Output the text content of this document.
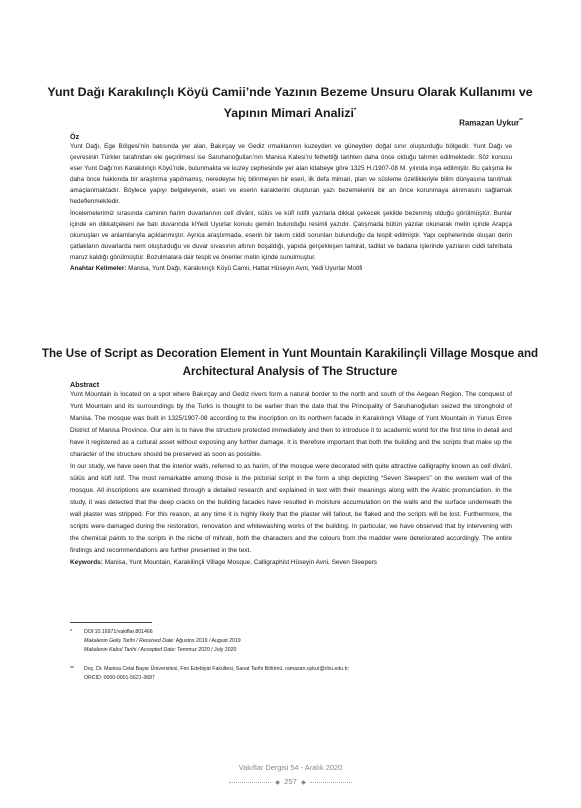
Yunt Dağı Karakılınçlı Köyü Camii’nde Yazının Bezeme Unsuru Olarak Kullanımı ve Yapının Mimari Analizi*
Ramazan Uykur**
Öz

Yunt Dağı, Ege Bölgesi’nin batısında yer alan, Bakırçay ve Gediz ırmaklarının kuzeyden ve güneyden doğal sınır oluşturduğu bölgedir. Yunt Dağı ve çevresinin Türkler tarafından ele geçirilmesi ise Saruhanoğulları’nın Manisa Kalesi’ni fethettiği tarihten daha önce olduğu tahmin edilmektedir. Söz konusu eser Yunt Dağı’nın Karakılınçlı Köyü’nde, bulunmakta ve kuzey cephesinde yer alan kitabeye göre 1325 H./1907-08 M. yılında inşa edilmiştir. Bu çalışma ile daha önce hakkında bir araştırma yapılmamış, neredeyse hiç bilinmeyen bir eseri, ilk defa mimari, plan ve süsleme özellikleriyle bilim dünyasına tanıtmak amaçlanmaktadır. Böylece yapıyı belgeleyerek, eseri ve eserin karakterini oluşturan yazı bezemelerini bir an önce korunmaya alınmasını sağlamak hedeflenmektedir.

İncelemelerimiz sırasında caminin harim duvarlarının celî dîvânî, sülüs ve küfî istifli yazılarla dikkat çekecek şekilde bezenmiş olduğu görülmüştür. Bunlar içinde en dikkatçekeni ise batı duvarında kiYedi Uyurlar konulu gemiin bulunduğu resimli yazıdır. Çalışmada bütün yazılar okunarak metin içinde Arapça okunuşları ve anlamlarıyla açıklanmıştır. Ayrıca araştırmada, eserin bir takım ciddi sorunları bulunduğu da tespit edilmiştir. Yapı cephelerinde oluşan derin çatlakların duvarlarda nem oluşturduğu ve duvar sıvasının altının boşaldığı, yapıda gerçekleşen tamirat, tadilat ve badana işlerinde yazıların ciddi tahribata maruz kaldığı görülmüştür. Bozulmalara dair tespit ve öneriler metin içinde sunulmuştur.

Anahtar Kelimeler: Manisa, Yunt Dağı, Karakılınçlı Köyü Camii, Hattat Hüseyin Avni, Yedi Uyurlar Motifi

The Use of Script as Decoration Element in Yunt Mountain Karakilinçli Village Mosque and Architectural Analysis of The Structure
Abstract

Yunt Mountain is located on a spot where Bakırçay and Gediz rivers form a natural border to the north and south of the Aegean Region. The conquest of Yunt Mountain and its surroundings by the Turks is thought to be earlier than the date that the Principality of Saruhanoğulları seized the stronghold of Manisa. The mosque was built in 1325/1907-08 according to the inscription on its northern facade in Karakılınçlı Village of Yunt Mountain in Yunus Emre District of Manisa Province. Our aim is to have the structure protected immediately and then to introduce it to academic world for the first time in detail and have it registered as a cultural asset without exposing any further damage. It is therefore important that both the building and the scripts that make up the character of the structure should be preserved as soon as possible.

In our study, we have seen that the interior walls, referred to as harim, of the mosque were decorated with quite attractive calligraphy known as celî dîvânî, sülüs and küfî istif. The most remarkable among those is the pictorial script in the form a ship depicting “Seven Sleepers” on the western wall of the mosque. All inscriptions are examined through a detailed research and explained in text with their meanings along with the Arabic pronunciation. In the study, it was detected that the deep cracks on the building facades have resulted in moisture accumulation on the walls and the surface underneath the wall plaster was stripped. For this reason, at any time it is highly likely that the plaster will fallout, be flaked and the scripts will be lost. Furthermore, the scripts were damaged during the restoration, renovation and whitewashing works of the building. In particular, we have observed that by intervening with the chemical paints to the scripts in the niche of mihrab, both the characters and the colours from the madder were deteriorated accordingly. The entire findings and recommendations are further presented in the text.

Keywords: Manisa, Yunt Mountain, Karakilinçli Village Mosque, Calligraphist Hüseyin Avni, Seven Sleepers

* DOI:10.16971/vakiflar.801466
Makalenin Geliş Tarihi / Received Date: Ağustos 2019 / August 2019
Makalenin Kabul Tarihi / Accepted Date: Temmuz 2020 / July 2020
** Doç. Dr. Manisa Celal Bayar Üniversitesi, Fen Edebiyat Fakültesi, Sanat Tarihi Bölümü, ramazan.uykur@cbu.edu.tr;
ORCID: 0000-0001-5621-3687
Vakıflar Dergisi 54 - Aralık 2020
◆ 257 ◆
